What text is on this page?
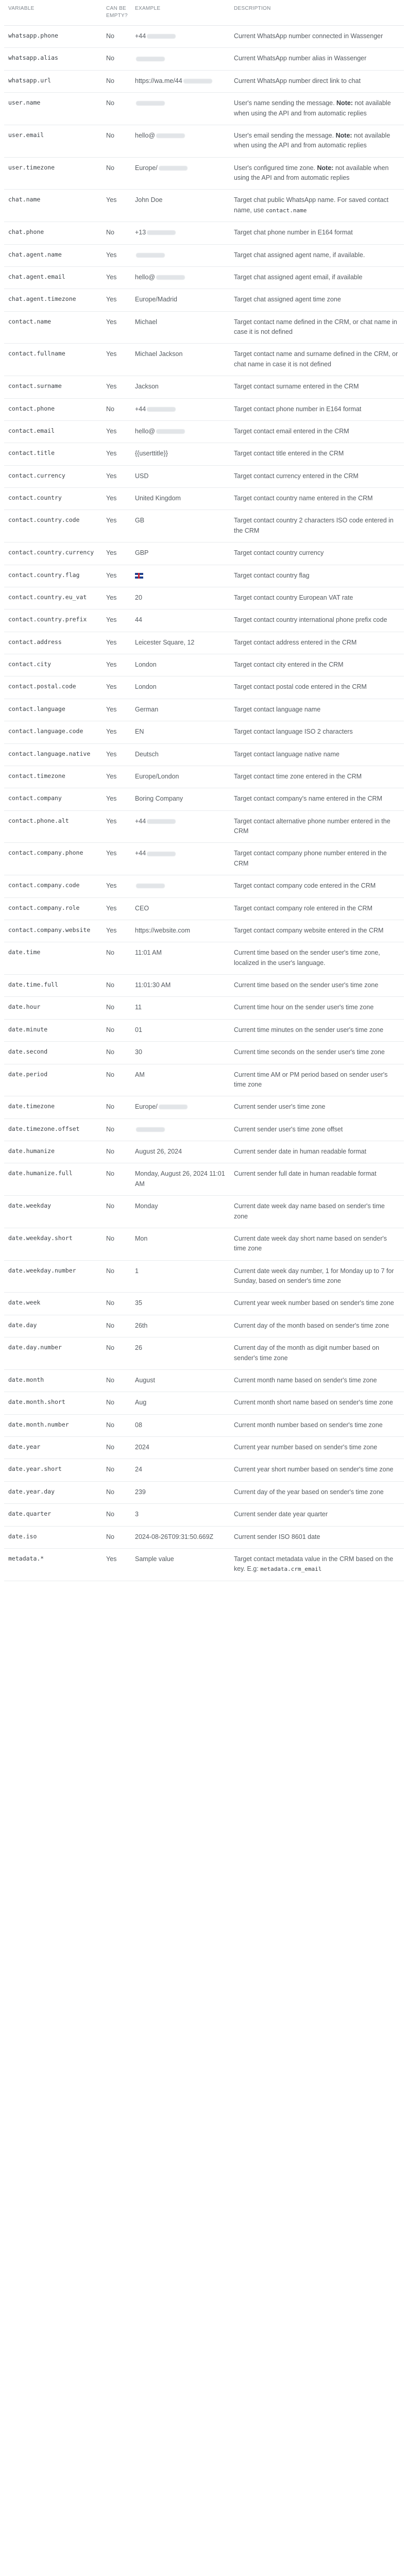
VARIABLE	CAN BE EMPTY?	EXAMPLE	DESCRIPTION
whatsapp.phone	No	+44	Current WhatsApp number connected in Wassenger
whatsapp.alias	No		Current WhatsApp number alias in Wassenger
whatsapp.url	No	https://wa.me/44	Current WhatsApp number direct link to chat
user.name	No		User's name sending the message. Note: not available when using the API and from automatic replies
user.email	No	hello@	User's email sending the message. Note: not available when using the API and from automatic replies
user.timezone	No	Europe/	User's configured time zone. Note: not available when using the API and from automatic replies
chat.name	Yes	John Doe	Target chat public WhatsApp name. For saved contact name, use contact.name
chat.phone	No	+13	Target chat phone number in E164 format
chat.agent.name	Yes		Target chat assigned agent name, if available.
chat.agent.email	Yes	hello@	Target chat assigned agent email, if available
chat.agent.timezone	Yes	Europe/Madrid	Target chat assigned agent time zone
contact.name	Yes	Michael	Target contact name defined in the CRM, or chat name in case it is not defined
contact.fullname	Yes	Michael Jackson	Target contact name and surname defined in the CRM, or chat name in case it is not defined
contact.surname	Yes	Jackson	Target contact surname entered in the CRM
contact.phone	No	+44	Target contact phone number in E164 format
contact.email	Yes	hello@	Target contact email entered in the CRM
contact.title	Yes	{{userttitle}}	Target contact title entered in the CRM
contact.currency	Yes	USD	Target contact currency entered in the CRM
contact.country	Yes	United Kingdom	Target contact country name entered in the CRM
contact.country.code	Yes	GB	Target contact country 2 characters ISO code entered in the CRM
contact.country.currency	Yes	GBP	Target contact country currency
contact.country.flag	Yes		Target contact country flag
contact.country.eu_vat	Yes	20	Target contact country European VAT rate
contact.country.prefix	Yes	44	Target contact country international phone prefix code
contact.address	Yes	Leicester Square, 12	Target contact address entered in the CRM
contact.city	Yes	London	Target contact city entered in the CRM
contact.postal.code	Yes	London	Target contact postal code entered in the CRM
contact.language	Yes	German	Target contact language name
contact.language.code	Yes	EN	Target contact language ISO 2 characters
contact.language.native	Yes	Deutsch	Target contact language native name
contact.timezone	Yes	Europe/London	Target contact time zone entered in the CRM
contact.company	Yes	Boring Company	Target contact company's name entered in the CRM
contact.phone.alt	Yes	+44	Target contact alternative phone number entered in the CRM
contact.company.phone	Yes	+44	Target contact company phone number entered in the CRM
contact.company.code	Yes		Target contact company code entered in the CRM
contact.company.role	Yes	CEO	Target contact company role entered in the CRM
contact.company.website	Yes	https://website.com	Target contact company website entered in the CRM
date.time	No	11:01 AM	Current time based on the sender user's time zone, localized in the user's language.
date.time.full	No	11:01:30 AM	Current time based on the sender user's time zone
date.hour	No	11	Current time hour on the sender user's time zone
date.minute	No	01	Current time minutes on the sender user's time zone
date.second	No	30	Current time seconds on the sender user's time zone
date.period	No	AM	Current time AM or PM period based on sender user's time zone
date.timezone	No	Europe/	Current sender user's time zone
date.timezone.offset	No		Current sender user's time zone offset
date.humanize	No	August 26, 2024	Current sender date in human readable format
date.humanize.full	No	Monday, August 26, 2024 11:01 AM	Current sender full date in human readable format
date.weekday	No	Monday	Current date week day name based on sender's time zone
date.weekday.short	No	Mon	Current date week day short name based on sender's time zone
date.weekday.number	No	1	Current date week day number, 1 for Monday up to 7 for Sunday, based on sender's time zone
date.week	No	35	Current year week number based on sender's time zone
date.day	No	26th	Current day of the month based on sender's time zone
date.day.number	No	26	Current day of the month as digit number based on sender's time zone
date.month	No	August	Current month name based on sender's time zone
date.month.short	No	Aug	Current month short name based on sender's time zone
date.month.number	No	08	Current month number based on sender's time zone
date.year	No	2024	Current year number based on sender's time zone
date.year.short	No	24	Current year short number based on sender's time zone
date.year.day	No	239	Current day of the year based on sender's time zone
date.quarter	No	3	Current sender date year quarter
date.iso	No	2024-08-26T09:31:50.669Z	Current sender ISO 8601 date
metadata.*	Yes	Sample value	Target contact metadata value in the CRM based on the key. E.g: metadata.crm_email
